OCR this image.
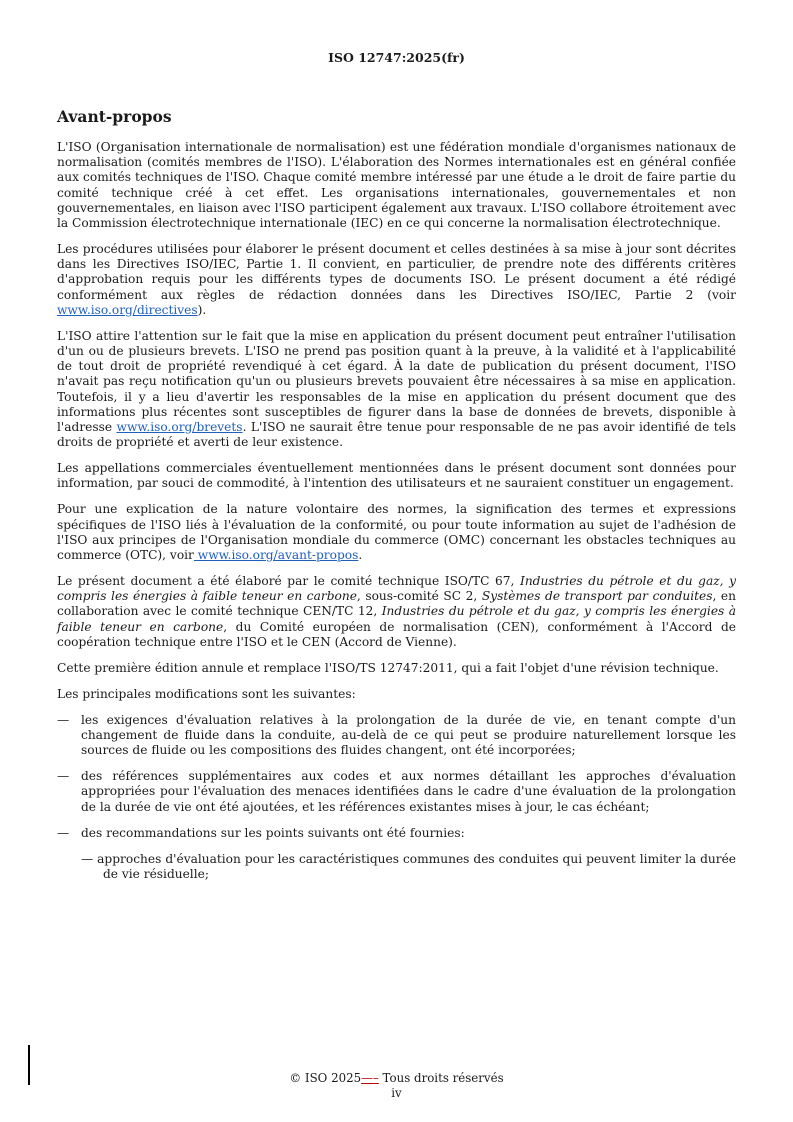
ISO 12747:2025(fr)
Avant-propos

L'ISO (Organisation internationale de normalisation) est une fédération mondiale d'organismes nationaux de normalisation (comités membres de l'ISO). L'élaboration des Normes internationales est en général confiée aux comités techniques de l'ISO. Chaque comité membre intéressé par une étude a le droit de faire partie du comité technique créé à cet effet. Les organisations internationales, gouvernementales et non gouvernementales, en liaison avec l'ISO participent également aux travaux. L'ISO collabore étroitement avec la Commission électrotechnique internationale (IEC) en ce qui concerne la normalisation électrotechnique.

Les procédures utilisées pour élaborer le présent document et celles destinées à sa mise à jour sont décrites dans les Directives ISO/IEC, Partie 1. Il convient, en particulier, de prendre note des différents critères d'approbation requis pour les différents types de documents ISO. Le présent document a été rédigé conformément aux règles de rédaction données dans les Directives ISO/IEC, Partie 2 (voir www.iso.org/directives).

L'ISO attire l'attention sur le fait que la mise en application du présent document peut entraîner l'utilisation d'un ou de plusieurs brevets. L'ISO ne prend pas position quant à la preuve, à la validité et à l'applicabilité de tout droit de propriété revendiqué à cet égard. À la date de publication du présent document, l'ISO n'avait pas reçu notification qu'un ou plusieurs brevets pouvaient être nécessaires à sa mise en application. Toutefois, il y a lieu d'avertir les responsables de la mise en application du présent document que des informations plus récentes sont susceptibles de figurer dans la base de données de brevets, disponible à l'adresse www.iso.org/brevets. L'ISO ne saurait être tenue pour responsable de ne pas avoir identifié de tels droits de propriété et averti de leur existence.

Les appellations commerciales éventuellement mentionnées dans le présent document sont données pour information, par souci de commodité, à l'intention des utilisateurs et ne sauraient constituer un engagement.

Pour une explication de la nature volontaire des normes, la signification des termes et expressions spécifiques de l'ISO liés à l'évaluation de la conformité, ou pour toute information au sujet de l'adhésion de l'ISO aux principes de l'Organisation mondiale du commerce (OMC) concernant les obstacles techniques au commerce (OTC), voir www.iso.org/avant-propos.

Le présent document a été élaboré par le comité technique ISO/TC 67, Industries du pétrole et du gaz, y compris les énergies à faible teneur en carbone, sous-comité SC 2, Systèmes de transport par conduites, en collaboration avec le comité technique CEN/TC 12, Industries du pétrole et du gaz, y compris les énergies à faible teneur en carbone, du Comité européen de normalisation (CEN), conformément à l'Accord de coopération technique entre l'ISO et le CEN (Accord de Vienne).

Cette première édition annule et remplace l'ISO/TS 12747:2011, qui a fait l'objet d'une révision technique.

Les principales modifications sont les suivantes:

— les exigences d'évaluation relatives à la prolongation de la durée de vie, en tenant compte d'un changement de fluide dans la conduite, au-delà de ce qui peut se produire naturellement lorsque les sources de fluide ou les compositions des fluides changent, ont été incorporées;
— des références supplémentaires aux codes et aux normes détaillant les approches d'évaluation appropriées pour l'évaluation des menaces identifiées dans le cadre d'une évaluation de la prolongation de la durée de vie ont été ajoutées, et les références existantes mises à jour, le cas échéant;
— des recommandations sur les points suivants ont été fournies:
— approches d'évaluation pour les caractéristiques communes des conduites qui peuvent limiter la durée de vie résiduelle;
© ISO 2025—– Tous droits réservés
iv
